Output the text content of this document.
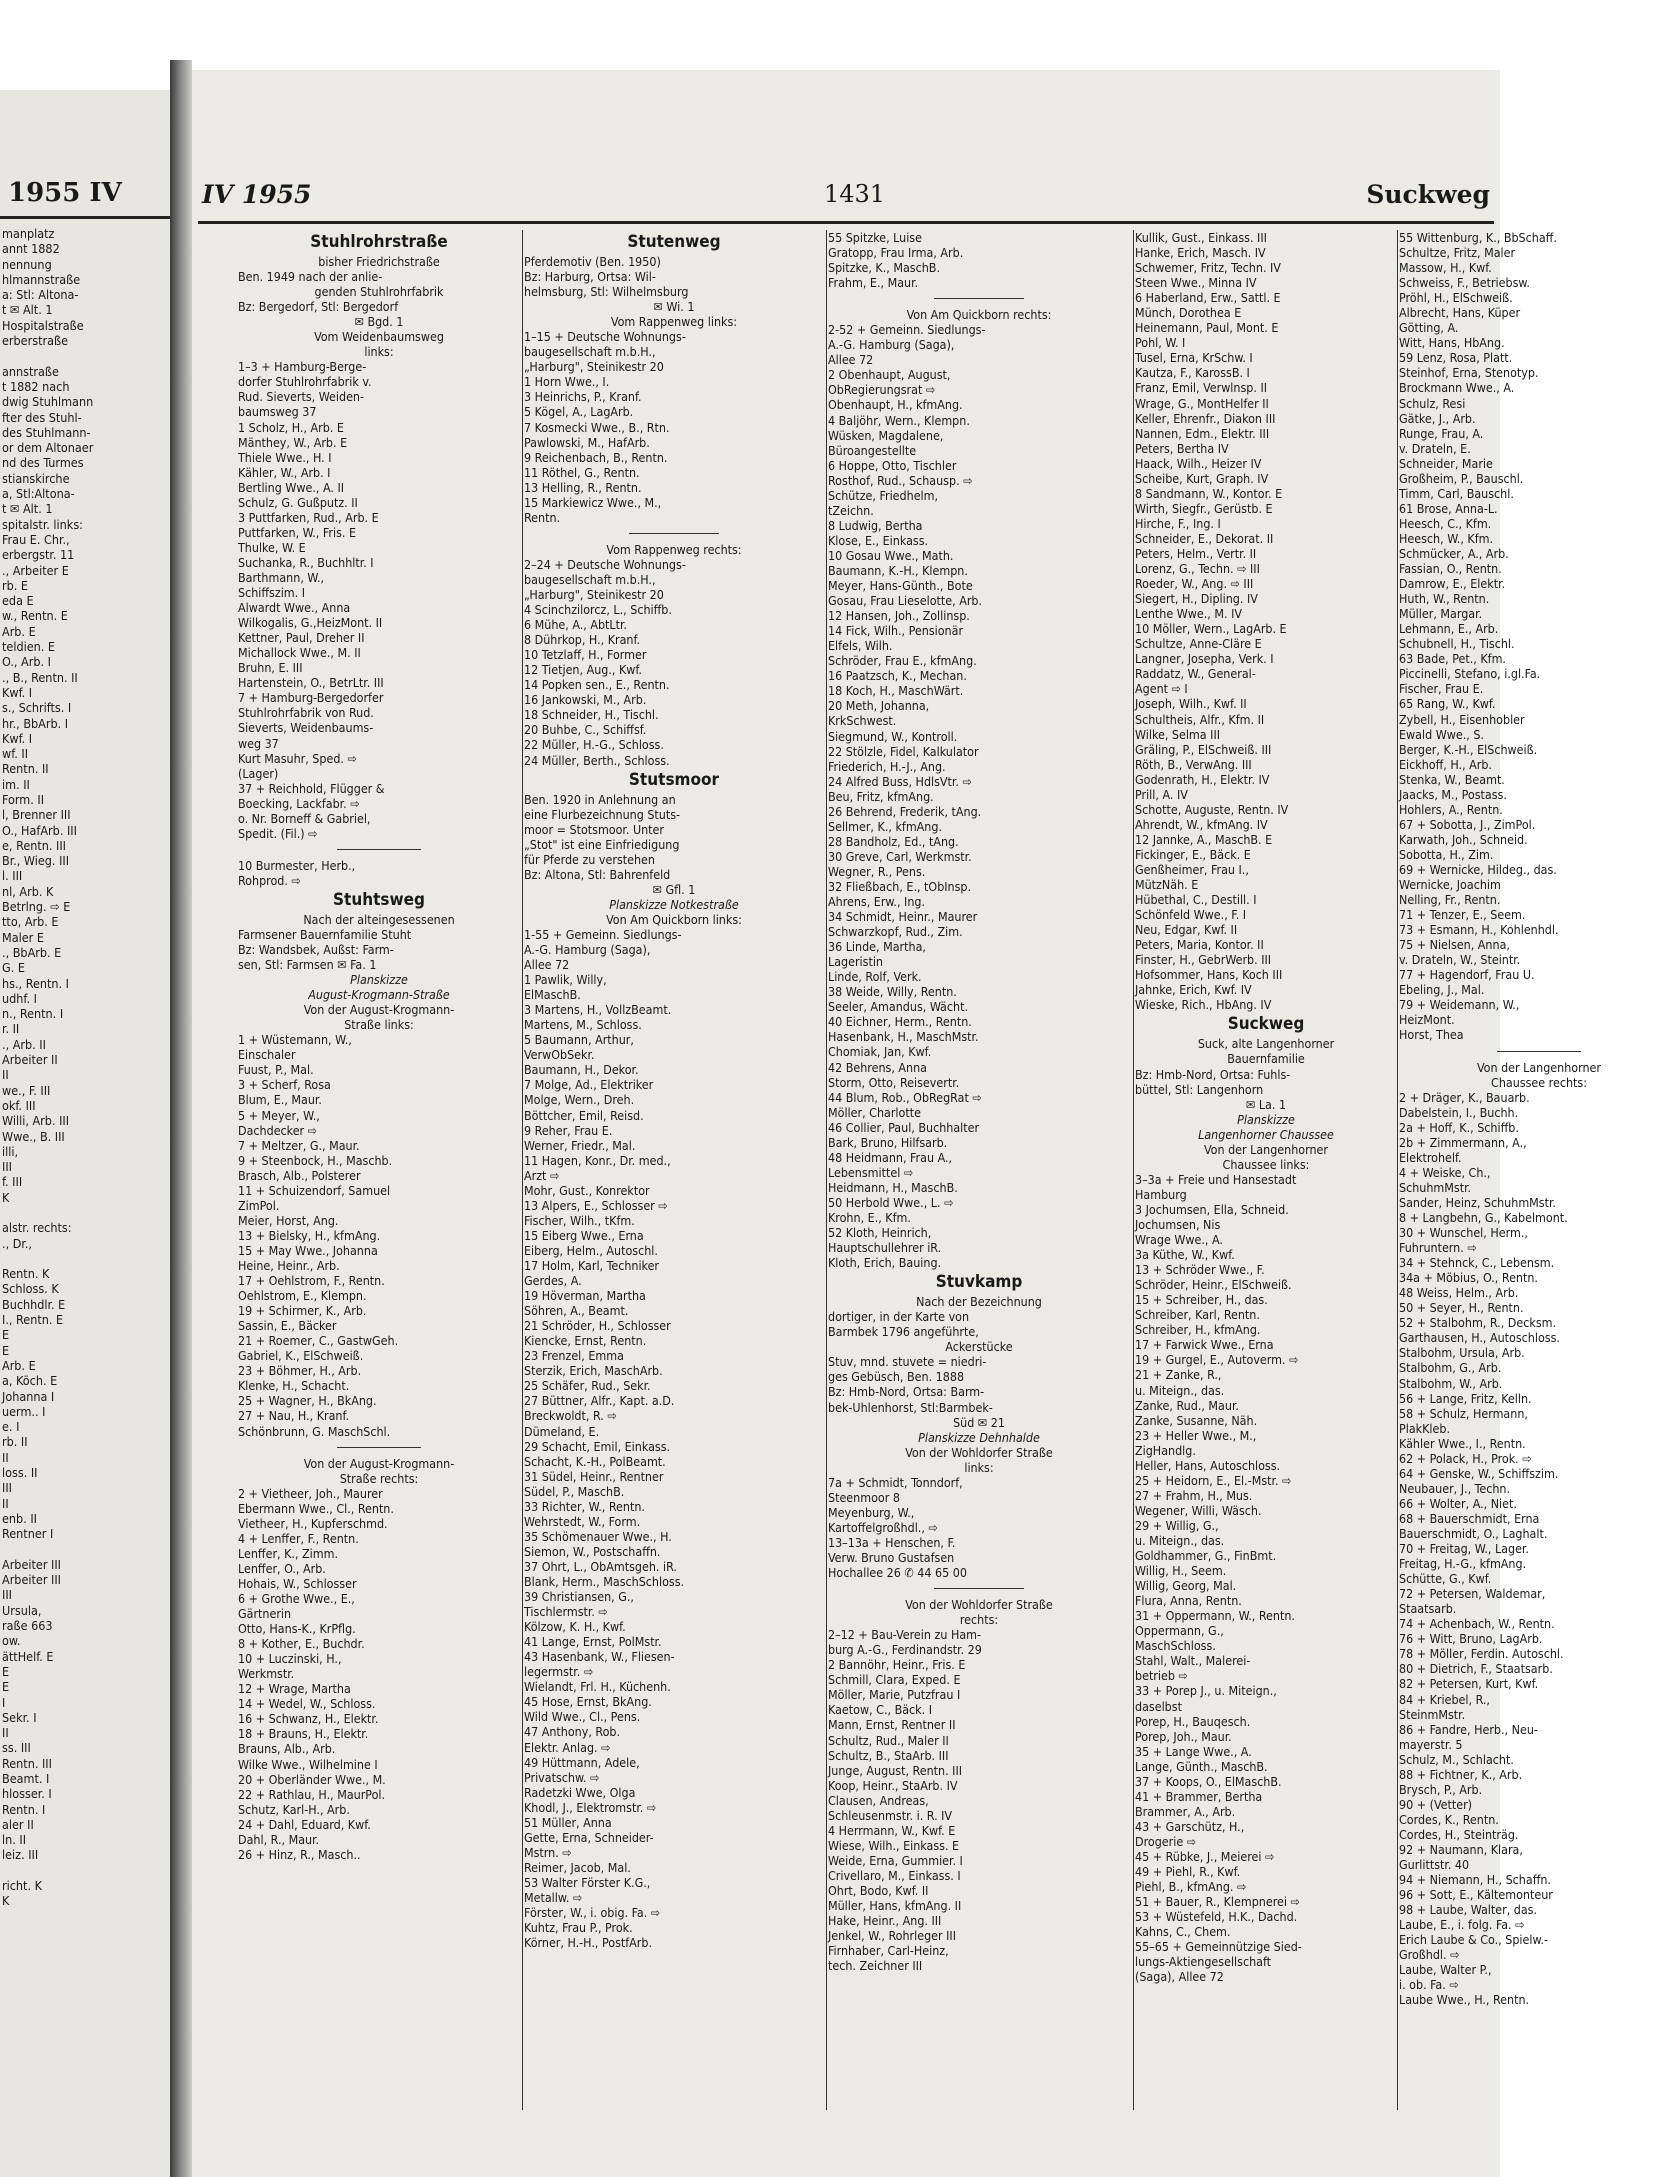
1955 IV
manplatz
annt 1882
nennung
hlmannstraße
a: Stl: Altona-
t ✉ Alt. 1
Hospitalstraße
erberstraße
annstraße
t 1882 nach
dwig Stuhlmann
fter des Stuhl-
des Stuhlmann-
or dem Altonaer
nd des Turmes
stianskirche
a, Stl:Altona-
t ✉ Alt. 1
spitalstr. links:
Frau E. Chr.,
erbergstr. 11
., Arbeiter E
rb. E
eda E
w., Rentn. E
Arb. E
teldien. E
O., Arb. I
., B., Rentn. II
Kwf. I
s., Schrifts. I
hr., BbArb. I
Kwf. I
wf. II
Rentn. II
im. II
Form. II
l, Brenner III
O., HafArb. III
e, Rentn. III
Br., Wieg. III
l. III
nl, Arb. K
Betrlng. ⇨ E
tto, Arb. E
Maler E
., BbArb. E
G. E
hs., Rentn. I
udhf. I
n., Rentn. I
r. II
., Arb. II
Arbeiter II
II
we., F. III
okf. III
Willi, Arb. III
Wwe., B. III
illi,
III
f. III
K
alstr. rechts:
., Dr.,
Rentn. K
Schloss. K
Buchhdlr. E
I., Rentn. E
E
E
Arb. E
a, Köch. E
Johanna I
uerm.. I
e. I
rb. II
II
loss. II
III
II
enb. II
Rentner I
Arbeiter III
Arbeiter III
III
Ursula,
raße 663
ow.
ättHelf. E
E
E
I
Sekr. I
II
ss. III
Rentn. III
Beamt. I
hlosser. I
Rentn. I
aler II
ln. II
leiz. III
richt. K
K
IV 1955	1431	Suckweg
Stuhlrohrstraße
bisher Friedrichstraße
Ben. 1949 nach der anlie-
genden Stuhlrohrfabrik
Bz: Bergedorf, Stl: Bergedorf
✉ Bgd. 1
Vom Weidenbaumsweg
links:
1–3 + Hamburg-Berge-
dorfer Stuhlrohrfabrik v.
Rud. Sieverts, Weiden-
baumsweg 37
1 Scholz, H., Arb. E
Mänthey, W., Arb. E
Thiele Wwe., H. I
Kähler, W., Arb. I
Bertling Wwe., A. II
Schulz, G. Gußputz. II
3 Puttfarken, Rud., Arb. E
Puttfarken, W., Fris. E
Thulke, W. E
Suchanka, R., Buchhltr. I
Barthmann, W.,
Schiffszim. I
Alwardt Wwe., Anna
Wilkogalis, G.,HeizMont. II
Kettner, Paul, Dreher II
Michallock Wwe., M. II
Bruhn, E. III
Hartenstein, O., BetrLtr. III
7 + Hamburg-Bergedorfer
Stuhlrohrfabrik von Rud.
Sieverts, Weidenbaums-
weg 37
Kurt Masuhr, Sped. ⇨
(Lager)
37 + Reichhold, Flügger &
Boecking, Lackfabr. ⇨
o. Nr. Borneff & Gabriel,
Spedit. (Fil.) ⇨
10 Burmester, Herb.,
Rohprod. ⇨
Stuhtsweg
Nach der alteingesessenen
Farmsener Bauernfamilie Stuht
Bz: Wandsbek, Außst: Farm-
sen, Stl: Farmsen ✉ Fa. 1
Planskizze
August-Krogmann-Straße
Von der August-Krogmann-
Straße links:
1 + Wüstemann, W.,
Einschaler
Fuust, P., Mal.
3 + Scherf, Rosa
Blum, E., Maur.
5 + Meyer, W.,
Dachdecker ⇨
7 + Meltzer, G., Maur.
9 + Steenbock, H., Maschb.
Brasch, Alb., Polsterer
11 + Schuizendorf, Samuel
ZimPol.
Meier, Horst, Ang.
13 + Bielsky, H., kfmAng.
15 + May Wwe., Johanna
Heine, Heinr., Arb.
17 + Oehlstrom, F., Rentn.
Oehlstrom, E., Klempn.
19 + Schirmer, K., Arb.
Sassin, E., Bäcker
21 + Roemer, C., GastwGeh.
Gabriel, K., ElSchweiß.
23 + Böhmer, H., Arb.
Klenke, H., Schacht.
25 + Wagner, H., BkAng.
27 + Nau, H., Kranf.
Schönbrunn, G. MaschSchl.
Von der August-Krogmann-
Straße rechts:
2 + Vietheer, Joh., Maurer
Ebermann Wwe., Cl., Rentn.
Vietheer, H., Kupferschmd.
4 + Lenffer, F., Rentn.
Lenffer, K., Zimm.
Lenffer, O., Arb.
Hohais, W., Schlosser
6 + Grothe Wwe., E.,
Gärtnerin
Otto, Hans-K., KrPflg.
8 + Kother, E., Buchdr.
10 + Luczinski, H.,
Werkmstr.
12 + Wrage, Martha
14 + Wedel, W., Schloss.
16 + Schwanz, H., Elektr.
18 + Brauns, H., Elektr.
Brauns, Alb., Arb.
Wilke Wwe., Wilhelmine I
20 + Oberländer Wwe., M.
22 + Rathlau, H., MaurPol.
Schutz, Karl-H., Arb.
24 + Dahl, Eduard, Kwf.
Dahl, R., Maur.
26 + Hinz, R., Masch..
Stutenweg
Pferdemotiv (Ben. 1950)
Bz: Harburg, Ortsa: Wil-
helmsburg, Stl: Wilhelmsburg
✉ Wi. 1
Vom Rappenweg links:
1–15 + Deutsche Wohnungs-
baugesellschaft m.b.H.,
„Harburg", Steinikestr 20
1 Horn Wwe., I.
3 Heinrichs, P., Kranf.
5 Kögel, A., LagArb.
7 Kosmecki Wwe., B., Rtn.
Pawlowski, M., HafArb.
9 Reichenbach, B., Rentn.
11 Röthel, G., Rentn.
13 Helling, R., Rentn.
15 Markiewicz Wwe., M.,
Rentn.
Vom Rappenweg rechts:
2–24 + Deutsche Wohnungs-
baugesellschaft m.b.H.,
„Harburg", Steinikestr 20
4 Scinchzilorcz, L., Schiffb.
6 Mühe, A., AbtLtr.
8 Dührkop, H., Kranf.
10 Tetzlaff, H., Former
12 Tietjen, Aug., Kwf.
14 Popken sen., E., Rentn.
16 Jankowski, M., Arb.
18 Schneider, H., Tischl.
20 Buhbe, C., Schiffsf.
22 Müller, H.-G., Schloss.
24 Müller, Berth., Schloss.
Stutsmoor
Ben. 1920 in Anlehnung an
eine Flurbezeichnung Stuts-
moor = Stotsmoor. Unter
„Stot" ist eine Einfriedigung
für Pferde zu verstehen
Bz: Altona, Stl: Bahrenfeld
✉ Gfl. 1
Planskizze Notkestraße
Von Am Quickborn links:
1-55 + Gemeinn. Siedlungs-
A.-G. Hamburg (Saga),
Allee 72
1 Pawlik, Willy,
ElMaschB.
3 Martens, H., VollzBeamt.
Martens, M., Schloss.
5 Baumann, Arthur,
VerwObSekr.
Baumann, H., Dekor.
7 Molge, Ad., Elektriker
Molge, Wern., Dreh.
Böttcher, Emil, Reisd.
9 Reher, Frau E.
Werner, Friedr., Mal.
11 Hagen, Konr., Dr. med.,
Arzt ⇨
Mohr, Gust., Konrektor
13 Alpers, E., Schlosser ⇨
Fischer, Wilh., tKfm.
15 Eiberg Wwe., Erna
Eiberg, Helm., Autoschl.
17 Holm, Karl, Techniker
Gerdes, A.
19 Höverman, Martha
Söhren, A., Beamt.
21 Schröder, H., Schlosser
Kiencke, Ernst, Rentn.
23 Frenzel, Emma
Sterzik, Erich, MaschArb.
25 Schäfer, Rud., Sekr.
27 Büttner, Alfr., Kapt. a.D.
Breckwoldt, R. ⇨
Dümeland, E.
29 Schacht, Emil, Einkass.
Schacht, K.-H., PolBeamt.
31 Südel, Heinr., Rentner
Südel, P., MaschB.
33 Richter, W., Rentn.
Wehrstedt, W., Form.
35 Schömenauer Wwe., H.
Siemon, W., Postschaffn.
37 Ohrt, L., ObAmtsgeh. iR.
Blank, Herm., MaschSchloss.
39 Christiansen, G.,
Tischlermstr. ⇨
Kölzow, K. H., Kwf.
41 Lange, Ernst, PolMstr.
43 Hasenbank, W., Fliesen-
legermstr. ⇨
Wielandt, Frl. H., Küchenh.
45 Hose, Ernst, BkAng.
Wild Wwe., Cl., Pens.
47 Anthony, Rob.
Elektr. Anlag. ⇨
49 Hüttmann, Adele,
Privatschw. ⇨
Radetzki Wwe, Olga
Khodl, J., Elektromstr. ⇨
51 Müller, Anna
Gette, Erna, Schneider-
Mstrn. ⇨
Reimer, Jacob, Mal.
53 Walter Förster K.G.,
Metallw. ⇨
Förster, W., i. obig. Fa. ⇨
Kuhtz, Frau P., Prok.
Körner, H.-H., PostfArb.
55 Spitzke, Luise
Gratopp, Frau Irma, Arb.
Spitzke, K., MaschB.
Frahm, E., Maur.
Von Am Quickborn rechts:
2-52 + Gemeinn. Siedlungs-
A.-G. Hamburg (Saga),
Allee 72
2 Obenhaupt, August,
ObRegierungsrat ⇨
Obenhaupt, H., kfmAng.
4 Baljöhr, Wern., Klempn.
Wüsken, Magdalene,
Büroangestellte
6 Hoppe, Otto, Tischler
Rosthof, Rud., Schausp. ⇨
Schütze, Friedhelm,
tZeichn.
8 Ludwig, Bertha
Klose, E., Einkass.
10 Gosau Wwe., Math.
Baumann, K.-H., Klempn.
Meyer, Hans-Günth., Bote
Gosau, Frau Lieselotte, Arb.
12 Hansen, Joh., Zollinsp.
14 Fick, Wilh., Pensionär
Elfels, Wilh.
Schröder, Frau E., kfmAng.
16 Paatzsch, K., Mechan.
18 Koch, H., MaschWärt.
20 Meth, Johanna,
KrkSchwest.
Siegmund, W., Kontroll.
22 Stölzle, Fidel, Kalkulator
Friederich, H.-J., Ang.
24 Alfred Buss, HdlsVtr. ⇨
Beu, Fritz, kfmAng.
26 Behrend, Frederik, tAng.
Sellmer, K., kfmAng.
28 Bandholz, Ed., tAng.
30 Greve, Carl, Werkmstr.
Wegner, R., Pens.
32 Fließbach, E., tObInsp.
Ahrens, Erw., Ing.
34 Schmidt, Heinr., Maurer
Schwarzkopf, Rud., Zim.
36 Linde, Martha,
Lageristin
Linde, Rolf, Verk.
38 Weide, Willy, Rentn.
Seeler, Amandus, Wächt.
40 Eichner, Herm., Rentn.
Hasenbank, H., MaschMstr.
Chomiak, Jan, Kwf.
42 Behrens, Anna
Storm, Otto, Reisevertr.
44 Blum, Rob., ObRegRat ⇨
Möller, Charlotte
46 Collier, Paul, Buchhalter
Bark, Bruno, Hilfsarb.
48 Heidmann, Frau A.,
Lebensmittel ⇨
Heidmann, H., MaschB.
50 Herbold Wwe., L. ⇨
Krohn, E., Kfm.
52 Kloth, Heinrich,
Hauptschullehrer iR.
Kloth, Erich, Bauing.
Stuvkamp
Nach der Bezeichnung
dortiger, in der Karte von
Barmbek 1796 angeführte,
Ackerstücke
Stuv, mnd. stuvete = niedri-
ges Gebüsch, Ben. 1888
Bz: Hmb-Nord, Ortsa: Barm-
bek-Uhlenhorst, Stl:Barmbek-
Süd ✉ 21
Planskizze Dehnhalde
Von der Wohldorfer Straße
links:
7a + Schmidt, Tonndorf,
Steenmoor 8
Meyenburg, W.,
Kartoffelgroßhdl., ⇨
13–13a + Henschen, F.
Verw. Bruno Gustafsen
Hochallee 26 ✆ 44 65 00
Von der Wohldorfer Straße
rechts:
2–12 + Bau-Verein zu Ham-
burg A.-G., Ferdinandstr. 29
2 Bannöhr, Heinr., Fris. E
Schmill, Clara, Exped. E
Möller, Marie, Putzfrau I
Kaetow, C., Bäck. I
Mann, Ernst, Rentner II
Schultz, Rud., Maler II
Schultz, B., StaArb. III
Junge, August, Rentn. III
Koop, Heinr., StaArb. IV
Clausen, Andreas,
Schleusenmstr. i. R. IV
4 Herrmann, W., Kwf. E
Wiese, Wilh., Einkass. E
Weide, Erna, Gummier. I
Crivellaro, M., Einkass. I
Ohrt, Bodo, Kwf. II
Müller, Hans, kfmAng. II
Hake, Heinr., Ang. III
Jenkel, W., Rohrleger III
Firnhaber, Carl-Heinz,
tech. Zeichner III
Kullik, Gust., Einkass. III
Hanke, Erich, Masch. IV
Schwemer, Fritz, Techn. IV
Steen Wwe., Minna IV
6 Haberland, Erw., Sattl. E
Münch, Dorothea E
Heinemann, Paul, Mont. E
Pohl, W. I
Tusel, Erna, KrSchw. I
Kautza, F., KarossB. I
Franz, Emil, Verwlnsp. II
Wrage, G., MontHelfer II
Keller, Ehrenfr., Diakon III
Nannen, Edm., Elektr. III
Peters, Bertha IV
Haack, Wilh., Heizer IV
Scheibe, Kurt, Graph. IV
8 Sandmann, W., Kontor. E
Wirth, Siegfr., Gerüstb. E
Hirche, F., Ing. I
Schneider, E., Dekorat. II
Peters, Helm., Vertr. II
Lorenz, G., Techn. ⇨ III
Roeder, W., Ang. ⇨ III
Siegert, H., Dipling. IV
Lenthe Wwe., M. IV
10 Möller, Wern., LagArb. E
Schultze, Anne-Cläre E
Langner, Josepha, Verk. I
Raddatz, W., General-
Agent ⇨ I
Joseph, Wilh., Kwf. II
Schultheis, Alfr., Kfm. II
Wilke, Selma III
Gräling, P., ElSchweiß. III
Röth, B., VerwAng. III
Godenrath, H., Elektr. IV
Prill, A. IV
Schotte, Auguste, Rentn. IV
Ahrendt, W., kfmAng. IV
12 Jannke, A., MaschB. E
Fickinger, E., Bäck. E
Genßheimer, Frau I.,
MützNäh. E
Hübethal, C., Destill. I
Schönfeld Wwe., F. I
Neu, Edgar, Kwf. II
Peters, Maria, Kontor. II
Finster, H., GebrWerb. III
Hofsommer, Hans, Koch III
Jahnke, Erich, Kwf. IV
Wieske, Rich., HbAng. IV
Suckweg
Suck, alte Langenhorner
Bauernfamilie
Bz: Hmb-Nord, Ortsa: Fuhls-
büttel, Stl: Langenhorn
✉ La. 1
Planskizze
Langenhorner Chaussee
Von der Langenhorner
Chaussee links:
3–3a + Freie und Hansestadt
Hamburg
3 Jochumsen, Ella, Schneid.
Jochumsen, Nis
Wrage Wwe., A.
3a Küthe, W., Kwf.
13 + Schröder Wwe., F.
Schröder, Heinr., ElSchweiß.
15 + Schreiber, H., das.
Schreiber, Karl, Rentn.
Schreiber, H., kfmAng.
17 + Farwick Wwe., Erna
19 + Gurgel, E., Autoverm. ⇨
21 + Zanke, R.,
u. Miteign., das.
Zanke, Rud., Maur.
Zanke, Susanne, Näh.
23 + Heller Wwe., M.,
ZigHandlg.
Heller, Hans, Autoschloss.
25 + Heidorn, E., El.-Mstr. ⇨
27 + Frahm, H., Mus.
Wegener, Willi, Wäsch.
29 + Willig, G.,
u. Miteign., das.
Goldhammer, G., FinBmt.
Willig, H., Seem.
Willig, Georg, Mal.
Flura, Anna, Rentn.
31 + Oppermann, W., Rentn.
Oppermann, G.,
MaschSchloss.
Stahl, Walt., Malerei-
betrieb ⇨
33 + Porep J., u. Miteign.,
daselbst
Porep, H., Bauqesch.
Porep, Joh., Maur.
35 + Lange Wwe., A.
Lange, Günth., MaschB.
37 + Koops, O., ElMaschB.
41 + Brammer, Bertha
Brammer, A., Arb.
43 + Garschütz, H.,
Drogerie ⇨
45 + Rübke, J., Meierei ⇨
49 + Piehl, R., Kwf.
Piehl, B., kfmAng. ⇨
51 + Bauer, R., Klempnerei ⇨
53 + Wüstefeld, H.K., Dachd.
Kahns, C., Chem.
55–65 + Gemeinnützige Sied-
lungs-Aktiengesellschaft
(Saga), Allee 72
55 Wittenburg, K., BbSchaff.
Schultze, Fritz, Maler
Massow, H., Kwf.
Schweiss, F., Betriebsw.
Pröhl, H., ElSchweiß.
Albrecht, Hans, Küper
Götting, A.
Witt, Hans, HbAng.
59 Lenz, Rosa, Platt.
Steinhof, Erna, Stenotyp.
Brockmann Wwe., A.
Schulz, Resi
Gätke, J., Arb.
Runge, Frau, A.
v. Drateln, E.
Schneider, Marie
Großheim, P., Bauschl.
Timm, Carl, Bauschl.
61 Brose, Anna-L.
Heesch, C., Kfm.
Heesch, W., Kfm.
Schmücker, A., Arb.
Fassian, O., Rentn.
Damrow, E., Elektr.
Huth, W., Rentn.
Müller, Margar.
Lehmann, E., Arb.
Schubnell, H., Tischl.
63 Bade, Pet., Kfm.
Piccinelli, Stefano, i.gl.Fa.
Fischer, Frau E.
65 Rang, W., Kwf.
Zybell, H., Eisenhobler
Ewald Wwe., S.
Berger, K.-H., ElSchweiß.
Eickhoff, H., Arb.
Stenka, W., Beamt.
Jaacks, M., Postass.
Hohlers, A., Rentn.
67 + Sobotta, J., ZimPol.
Karwath, Joh., Schneid.
Sobotta, H., Zim.
69 + Wernicke, Hildeg., das.
Wernicke, Joachim
Nelling, Fr., Rentn.
71 + Tenzer, E., Seem.
73 + Esmann, H., Kohlenhdl.
75 + Nielsen, Anna,
v. Drateln, W., Steintr.
77 + Hagendorf, Frau U.
Ebeling, J., Mal.
79 + Weidemann, W.,
HeizMont.
Horst, Thea
Von der Langenhorner
Chaussee rechts:
2 + Dräger, K., Bauarb.
Dabelstein, I., Buchh.
2a + Hoff, K., Schiffb.
2b + Zimmermann, A.,
Elektrohelf.
4 + Weiske, Ch.,
SchuhmMstr.
Sander, Heinz, SchuhmMstr.
8 + Langbehn, G., Kabelmont.
30 + Wunschel, Herm.,
Fuhruntern. ⇨
34 + Stehnck, C., Lebensm.
34a + Möbius, O., Rentn.
48 Weiss, Helm., Arb.
50 + Seyer, H., Rentn.
52 + Stalbohm, R., Decksm.
Garthausen, H., Autoschloss.
Stalbohm, Ursula, Arb.
Stalbohm, G., Arb.
Stalbohm, W., Arb.
56 + Lange, Fritz, Kelln.
58 + Schulz, Hermann,
PlakKleb.
Kähler Wwe., I., Rentn.
62 + Polack, H., Prok. ⇨
64 + Genske, W., Schiffszim.
Neubauer, J., Techn.
66 + Wolter, A., Niet.
68 + Bauerschmidt, Erna
Bauerschmidt, O., Laghalt.
70 + Freitag, W., Lager.
Freitag, H.-G., kfmAng.
Schütte, G., Kwf.
72 + Petersen, Waldemar,
Staatsarb.
74 + Achenbach, W., Rentn.
76 + Witt, Bruno, LagArb.
78 + Möller, Ferdin. Autoschl.
80 + Dietrich, F., Staatsarb.
82 + Petersen, Kurt, Kwf.
84 + Kriebel, R.,
SteinmMstr.
86 + Fandre, Herb., Neu-
mayerstr. 5
Schulz, M., Schlacht.
88 + Fichtner, K., Arb.
Brysch, P., Arb.
90 + (Vetter)
Cordes, K., Rentn.
Cordes, H., Steinträg.
92 + Naumann, Klara,
Gurlittstr. 40
94 + Niemann, H., Schaffn.
96 + Sott, E., Kältemonteur
98 + Laube, Walter, das.
Laube, E., i. folg. Fa. ⇨
Erich Laube & Co., Spielw.-
Großhdl. ⇨
Laube, Walter P.,
i. ob. Fa. ⇨
Laube Wwe., H., Rentn.
